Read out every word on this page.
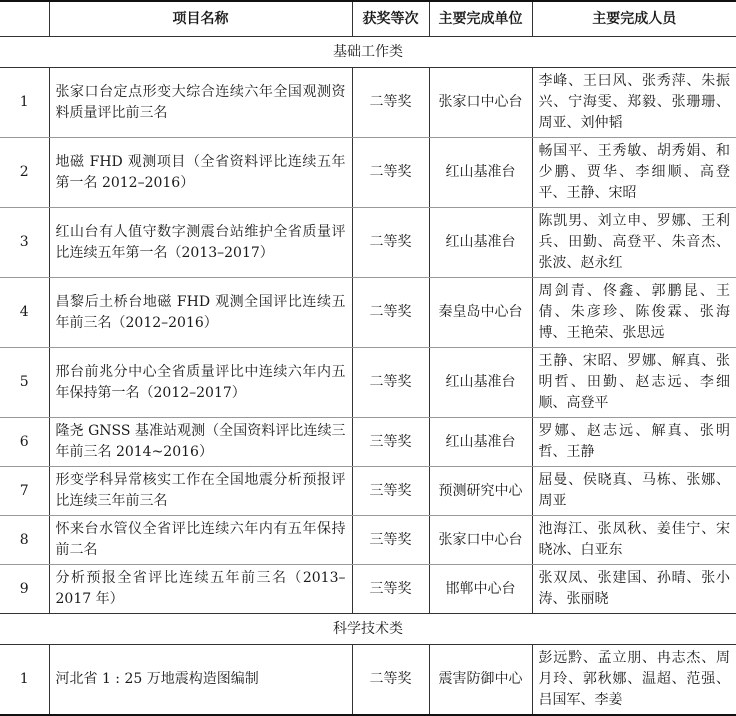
	项目名称	获奖等次	主要完成单位	主要完成人员
基础工作类				
1	张家口台定点形变大综合连续六年全国观测资料质量评比前三名	二等奖	张家口中心台	李峰、王曰风、张秀萍、朱振兴、宁海雯、郑毅、张珊珊、周亚、刘仲韬
2	地磁 FHD 观测项目（全省资料评比连续五年第一名 2012–2016）	二等奖	红山基准台	畅国平、王秀敏、胡秀娟、和少鹏、贾华、李细顺、高登平、王静、宋昭
3	红山台有人值守数字测震台站维护全省质量评比连续五年第一名（2013–2017）	二等奖	红山基准台	陈凯男、刘立申、罗娜、王利兵、田勤、高登平、朱音杰、张波、赵永红
4	昌黎后土桥台地磁 FHD 观测全国评比连续五年前三名（2012–2016）	二等奖	秦皇岛中心台	周剑青、佟鑫、郭鹏昆、王倩、朱彦珍、陈俊霖、张海博、王艳荣、张思远
5	邢台前兆分中心全省质量评比中连续六年内五年保持第一名（2012–2017）	二等奖	红山基准台	王静、宋昭、罗娜、解真、张明哲、田勤、赵志远、李细顺、高登平
6	隆尧 GNSS 基准站观测（全国资料评比连续三年前三名 2014~2016）	三等奖	红山基准台	罗娜、赵志远、解真、张明哲、王静
7	形变学科异常核实工作在全国地震分析预报评比连续三年前三名	三等奖	预测研究中心	屈曼、侯晓真、马栋、张娜、周亚
8	怀来台水管仪全省评比连续六年内有五年保持前二名	三等奖	张家口中心台	池海江、张凤秋、姜佳宁、宋晓冰、白亚东
9	分析预报全省评比连续五年前三名（2013–2017 年）	三等奖	邯郸中心台	张双凤、张建国、孙晴、张小涛、张丽晓
科学技术类				
1	河北省 1 : 25 万地震构造图编制	二等奖	震害防御中心	彭远黔、孟立朋、冉志杰、周月玲、郭秋娜、温超、范强、吕国军、李姜
